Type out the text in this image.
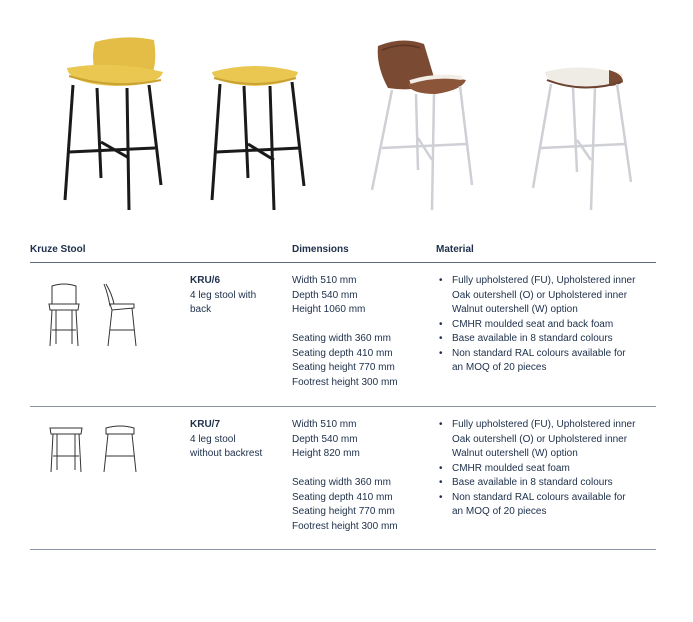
Kruze Stool	Dimensions	Material
KRU/6
4 leg stool with
back
Width 510 mm
Depth 540 mm
Height 1060 mm
Seating width 360 mm
Seating depth 410 mm
Seating height 770 mm
Footrest height 300 mm
• Fully upholstered (FU), Upholstered inner
Oak outershell (O) or Upholstered inner
Walnut outershell (W) option
• CMHR moulded seat and back foam
• Base available in 8 standard colours
• Non standard RAL colours available for
an MOQ of 20 pieces
KRU/7
4 leg stool
without backrest
Width 510 mm
Depth 540 mm
Height 820 mm
Seating width 360 mm
Seating depth 410 mm
Seating height 770 mm
Footrest height 300 mm
• Fully upholstered (FU), Upholstered inner
Oak outershell (O) or Upholstered inner
Walnut outershell (W) option
• CMHR moulded seat foam
• Base available in 8 standard colours
• Non standard RAL colours available for
an MOQ of 20 pieces
